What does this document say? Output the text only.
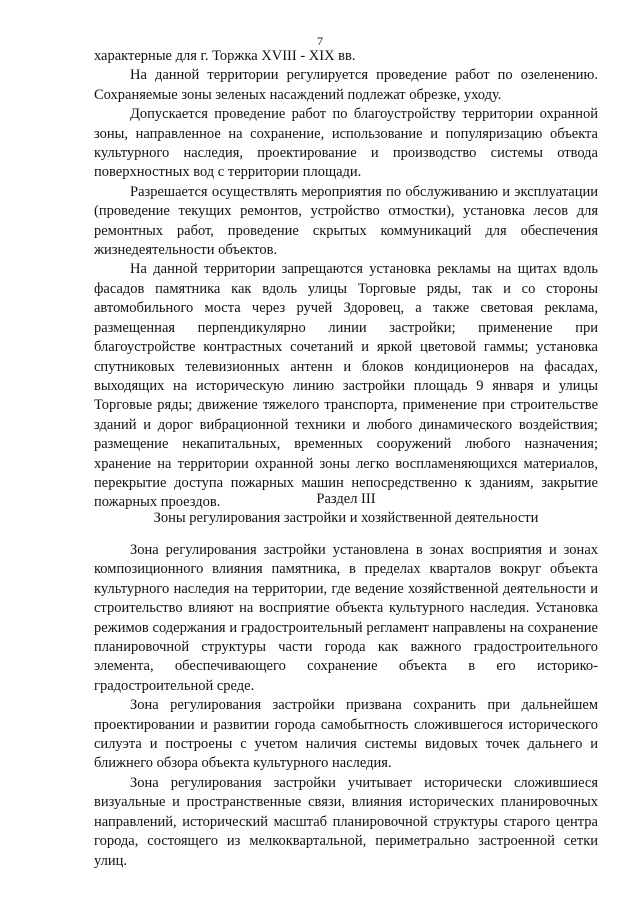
7

характерные для г. Торжка XVIII - XIX вв.

На данной территории регулируется проведение работ по озеленению. Сохраняемые зоны зеленых насаждений подлежат обрезке, уходу.

Допускается проведение работ по благоустройству территории охранной зоны, направленное на сохранение, использование и популяризацию объекта культурного наследия, проектирование и производство системы отвода поверхностных вод с территории площади.

Разрешается осуществлять мероприятия по обслуживанию и эксплуатации (проведение текущих ремонтов, устройство отмостки), установка лесов для ремонтных работ, проведение скрытых коммуникаций для обеспечения жизнедеятельности объектов.

На данной территории запрещаются установка рекламы на щитах вдоль фасадов памятника как вдоль улицы Торговые ряды, так и со стороны автомобильного моста через ручей Здоровец, а также световая реклама, размещенная перпендикулярно линии застройки; применение при благоустройстве контрастных сочетаний и яркой цветовой гаммы; установка спутниковых телевизионных антенн и блоков кондиционеров на фасадах, выходящих на историческую линию застройки площадь 9 января и улицы Торговые ряды; движение тяжелого транспорта, применение при строительстве зданий и дорог вибрационной техники и любого динамического воздействия; размещение некапитальных, временных сооружений любого назначения; хранение на территории охранной зоны легко воспламеняющихся материалов, перекрытие доступа пожарных машин непосредственно к зданиям, закрытие пожарных проездов.	Раздел III

Зоны регулирования застройки и хозяйственной деятельности

Зона регулирования застройки установлена в зонах восприятия и зонах композиционного влияния памятника, в пределах кварталов вокруг объекта культурного наследия на территории, где ведение хозяйственной деятельности и строительство влияют на восприятие объекта культурного наследия. Установка режимов содержания и градостроительный регламент направлены на сохранение планировочной структуры части города как важного градостроительного элемента, обеспечивающего сохранение объекта в его историко-градостроительной среде.

Зона регулирования застройки призвана сохранить при дальнейшем проектировании и развитии города самобытность сложившегося исторического силуэта и построены с учетом наличия системы видовых точек дальнего и ближнего обзора объекта культурного наследия.

Зона регулирования застройки учитывает исторически сложившиеся визуальные и пространственные связи, влияния исторических планировочных направлений, исторический масштаб планировочной структуры старого центра города, состоящего из мелкоквартальной, периметрально застроенной сетки улиц.
